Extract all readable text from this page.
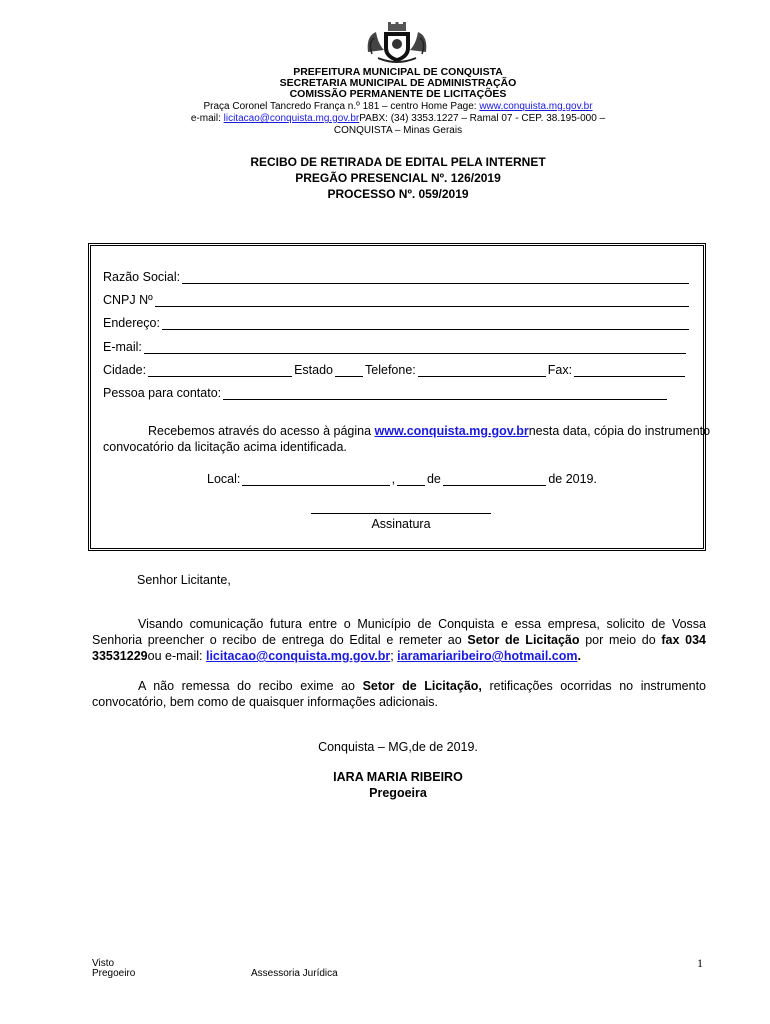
PREFEITURA MUNICIPAL DE CONQUISTA
SECRETARIA MUNICIPAL DE ADMINISTRAÇÃO
COMISSÃO PERMANENTE DE LICITAÇÕES
Praça Coronel Tancredo França n.º 181 – centro Home Page: www.conquista.mg.gov.br
e-mail: licitacao@conquista.mg.gov.brPABX: (34) 3353.1227 – Ramal 07 - CEP. 38.195-000 –
CONQUISTA – Minas Gerais
RECIBO DE RETIRADA DE EDITAL PELA INTERNET
PREGÃO PRESENCIAL Nº. 126/2019
PROCESSO Nº. 059/2019
Razão Social:
CNPJ Nº
Endereço:
E-mail:
Cidade:	Estado	Telefone:	Fax:
Pessoa para contato:
Recebemos através do acesso à página www.conquista.mg.gov.brnesta data, cópia do instrumento
convocatório da licitação acima identificada.
Local:	,	de	de 2019.
Assinatura
Senhor Licitante,
Visando comunicação futura entre o Município de Conquista e essa empresa, solicito de Vossa Senhoria preencher o recibo de entrega do Edital e remeter ao Setor de Licitação por meio do fax 034 33531229ou e-mail: licitacao@conquista.mg.gov.br; iaramariaribeiro@hotmail.com.
A não remessa do recibo exime ao Setor de Licitação, retificações ocorridas no instrumento convocatório, bem como de quaisquer informações adicionais.
Conquista – MG,de de 2019.
IARA MARIA RIBEIRO
Pregoeira
Visto
Pregoeiro	Assessoria Jurídica
1
